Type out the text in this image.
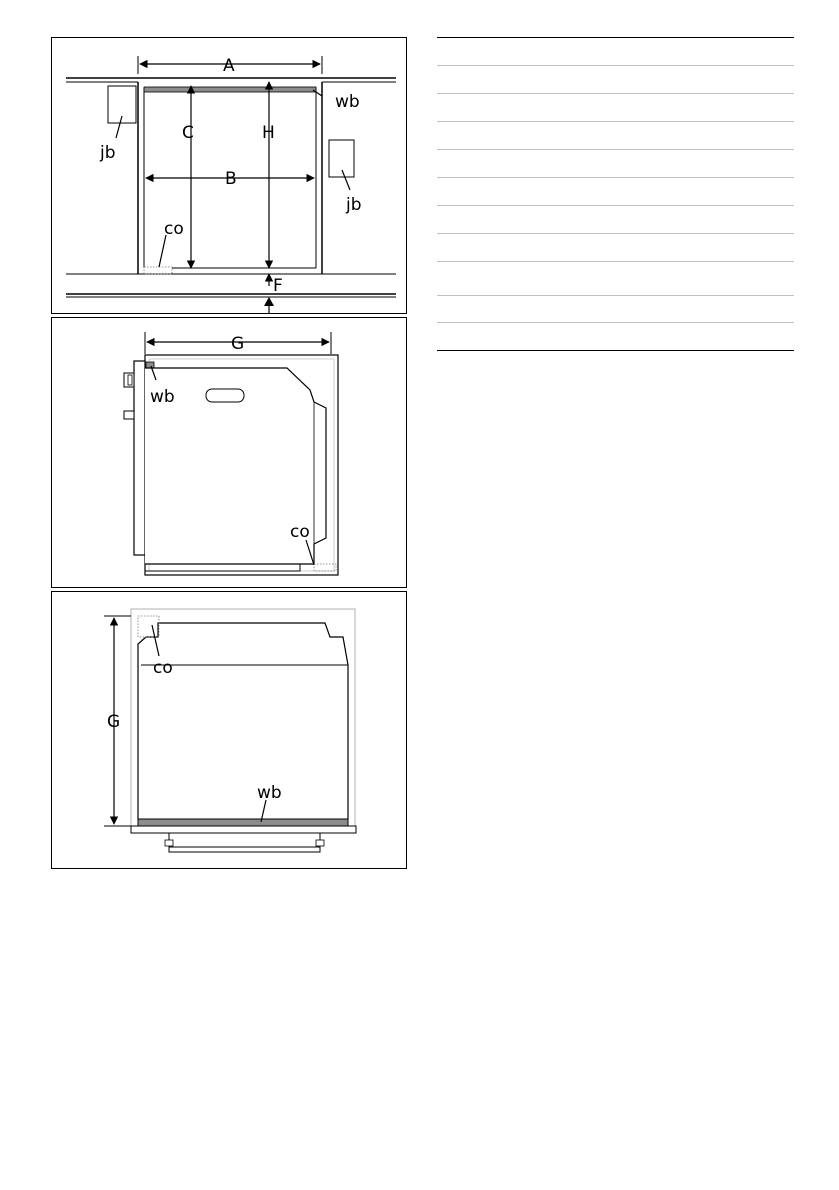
A
B
C	H
F
wb
jb
jb
co
G
wb
co
G
co
wb
